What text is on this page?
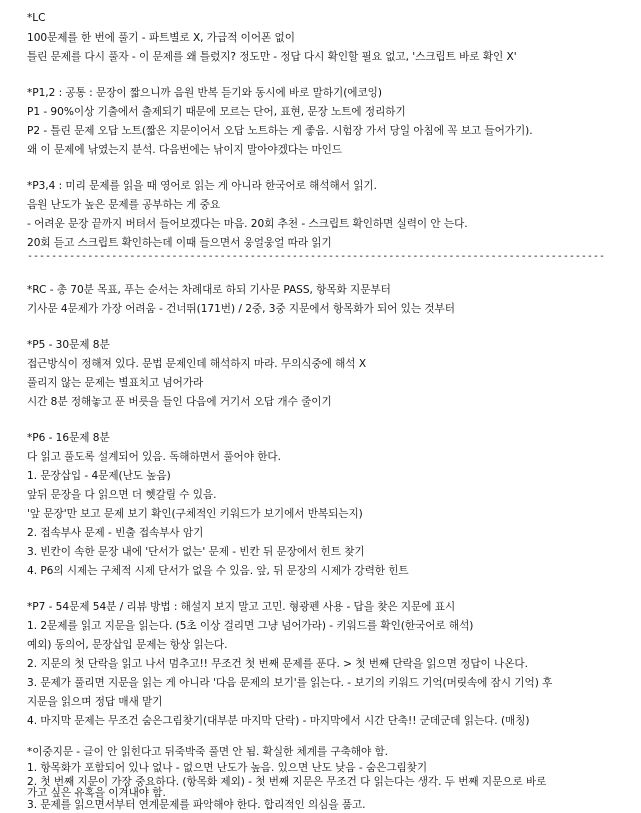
*LC
100문제를 한 번에 풀기 - 파트별로 X, 가급적 이어폰 없이
틀린 문제를 다시 풀자 - 이 문제를 왜 틀렸지? 정도만 - 정답 다시 확인할 필요 없고, '스크립트 바로 확인 X'
*P1,2 : 공통 : 문장이 짧으니까 음원 반복 듣기와 동시에 바로 말하기(에코잉)
P1 - 90%이상 기출에서 출제되기 때문에 모르는 단어, 표현, 문장 노트에 정리하기
P2 - 틀린 문제 오답 노트(짧은 지문이어서 오답 노트하는 게 좋음. 시험장 가서 당일 아침에 꼭 보고 들어가기).
왜 이 문제에 낚였는지 분석. 다음번에는 낚이지 말아야겠다는 마인드
*P3,4 : 미리 문제를 읽을 때 영어로 읽는 게 아니라 한국어로 해석해서 읽기.
음원 난도가 높은 문제를 공부하는 게 중요
- 어려운 문장 끝까지 버텨서 들어보겠다는 마음. 20회 추천 - 스크립트 확인하면 실력이 안 는다.
20회 듣고 스크립트 확인하는데 이때 들으면서 웅얼웅얼 따라 읽기
------------------------------------------------------------------------------------------------
*RC - 총 70분 목표, 푸는 순서는 차례대로 하되 기사문 PASS, 항목화 지문부터
기사문 4문제가 가장 어려움 - 건너뛰(171번) / 2중, 3중 지문에서 항목화가 되어 있는 것부터
*P5 - 30문제 8분
접근방식이 정해져 있다. 문법 문제인데 해석하지 마라. 무의식중에 해석 X
풀리지 않는 문제는 별표치고 넘어가라
시간 8분 정해놓고 푼 버릇을 들인 다음에 거기서 오답 개수 줄이기
*P6 - 16문제 8분
다 읽고 풀도록 설계되어 있음. 독해하면서 풀어야 한다.
1. 문장삽입 - 4문제(난도 높음)
앞뒤 문장을 다 읽으면 더 헷갈릴 수 있음.
'앞 문장'만 보고 문제 보기 확인(구체적인 키워드가 보기에서 반복되는지)
2. 접속부사 문제 - 빈출 접속부사 암기
3. 빈칸이 속한 문장 내에 '단서가 없는' 문제 - 빈칸 뒤 문장에서 힌트 찾기
4. P6의 시제는 구체적 시제 단서가 없을 수 있음. 앞, 뒤 문장의 시제가 강력한 힌트
*P7 - 54문제 54분 / 리뷰 방법 : 해설지 보지 말고 고민. 형광펜 사용 - 답을 찾은 지문에 표시
1. 2문제를 읽고 지문을 읽는다. (5초 이상 걸리면 그냥 넘어가라) - 키워드를 확인(한국어로 해석)
예외) 동의어, 문장삽입 문제는 항상 읽는다.
2. 지문의 첫 단락을 읽고 나서 멈추고!! 무조건 첫 번째 문제를 푼다. > 첫 번째 단락을 읽으면 정답이 나온다.
3. 문제가 풀리면 지문을 읽는 게 아니라 '다음 문제의 보기'를 읽는다. - 보기의 키워드 기억(머릿속에 잠시 기억) 후
지문을 읽으며 정답 매새 맡기
4. 마지막 문제는 무조건 숨은그림찾기(대부분 마지막 단락) - 마지막에서 시간 단축!! 군데군데 읽는다. (매칭)
*이중지문 - 글이 안 읽힌다고 뒤죽박죽 풀면 안 됨. 확실한 체계를 구축해야 함.
1. 항목화가 포함되어 있나 없나 - 없으면 난도가 높음. 있으면 난도 낮음 - 숨은그림찾기
2. 첫 번째 지문이 가장 중요하다. (항목화 제외) - 첫 번째 지문은 무조건 다 읽는다는 생각. 두 번째 지문으로 바로
가고 싶은 유혹을 이겨내야 함.
3. 문제를 읽으면서부터 연계문제를 파악해야 한다. 합리적인 의심을 품고.
